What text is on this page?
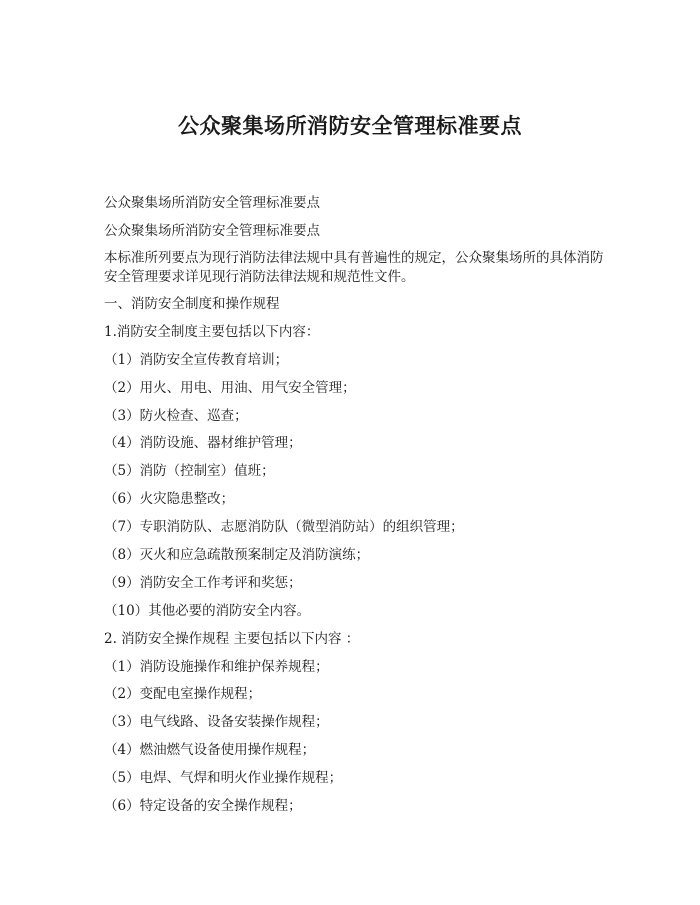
公众聚集场所消防安全管理标准要点
公众聚集场所消防安全管理标准要点
公众聚集场所消防安全管理标准要点
本标准所列要点为现行消防法律法规中具有普遍性的规定，公众聚集场所的具体消防安全管理要求详见现行消防法律法规和规范性文件。
一、消防安全制度和操作规程
1.消防安全制度主要包括以下内容：
（1）消防安全宣传教育培训；
（2）用火、用电、用油、用气安全管理；
（3）防火检查、巡查；
（4）消防设施、器材维护管理；
（5）消防（控制室）值班；
（6）火灾隐患整改；
（7）专职消防队、志愿消防队（微型消防站）的组织管理；
（8）灭火和应急疏散预案制定及消防演练；
（9）消防安全工作考评和奖惩；
（10）其他必要的消防安全内容。
2. 消防安全操作规程 主要包括以下内容 ：
（1）消防设施操作和维护保养规程；
（2）变配电室操作规程；
（3）电气线路、设备安装操作规程；
（4）燃油燃气设备使用操作规程；
（5）电焊、气焊和明火作业操作规程；
（6）特定设备的安全操作规程；
